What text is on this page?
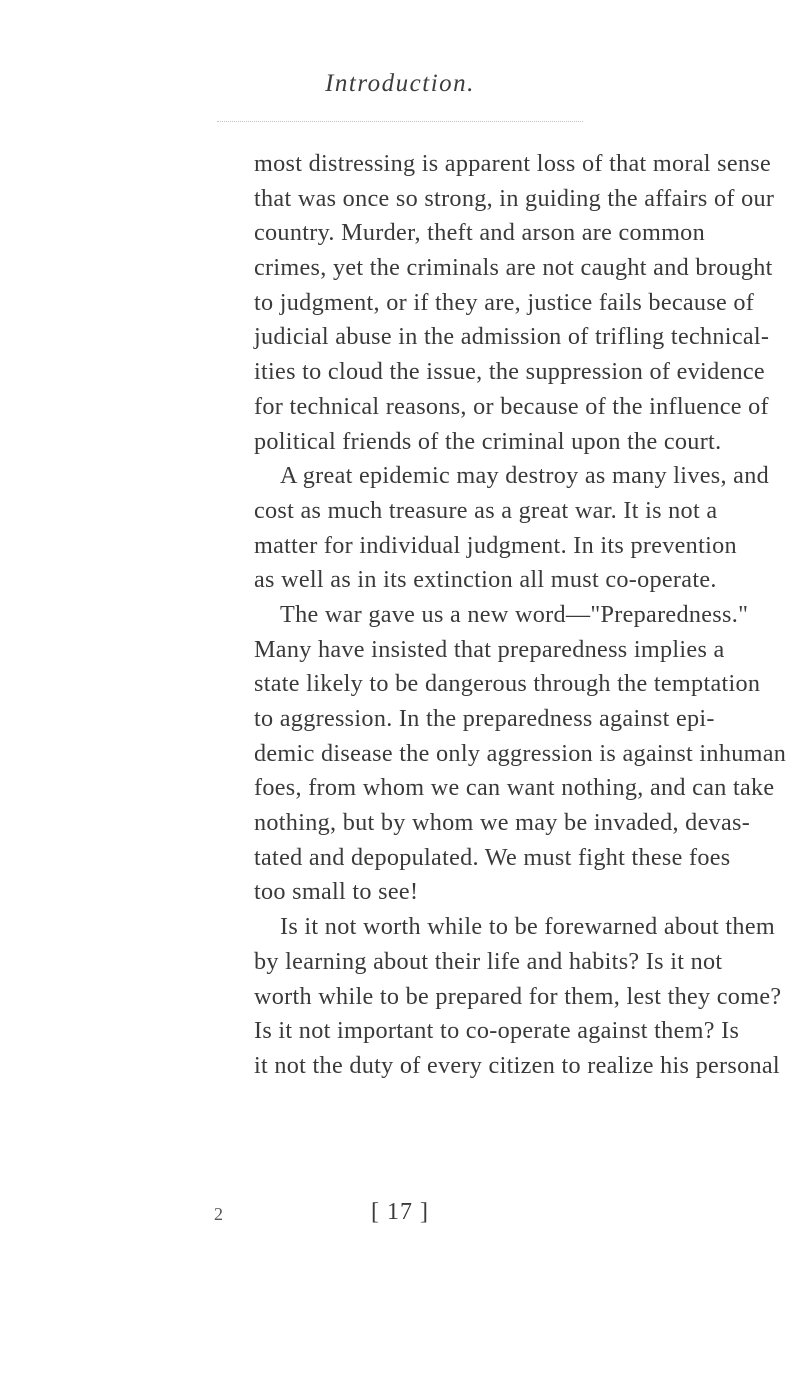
Introduction.
most distressing is apparent loss of that moral sense
that was once so strong, in guiding the affairs of our
country. Murder, theft and arson are common
crimes, yet the criminals are not caught and brought
to judgment, or if they are, justice fails because of
judicial abuse in the admission of trifling technical-
ities to cloud the issue, the suppression of evidence
for technical reasons, or because of the influence of
political friends of the criminal upon the court.
A great epidemic may destroy as many lives, and
cost as much treasure as a great war. It is not a
matter for individual judgment. In its prevention
as well as in its extinction all must co-operate.
The war gave us a new word—"Preparedness."
Many have insisted that preparedness implies a
state likely to be dangerous through the temptation
to aggression. In the preparedness against epi-
demic disease the only aggression is against inhuman
foes, from whom we can want nothing, and can take
nothing, but by whom we may be invaded, devas-
tated and depopulated. We must fight these foes
too small to see!
Is it not worth while to be forewarned about them
by learning about their life and habits? Is it not
worth while to be prepared for them, lest they come?
Is it not important to co-operate against them? Is
it not the duty of every citizen to realize his personal
2	[ 17 ]
